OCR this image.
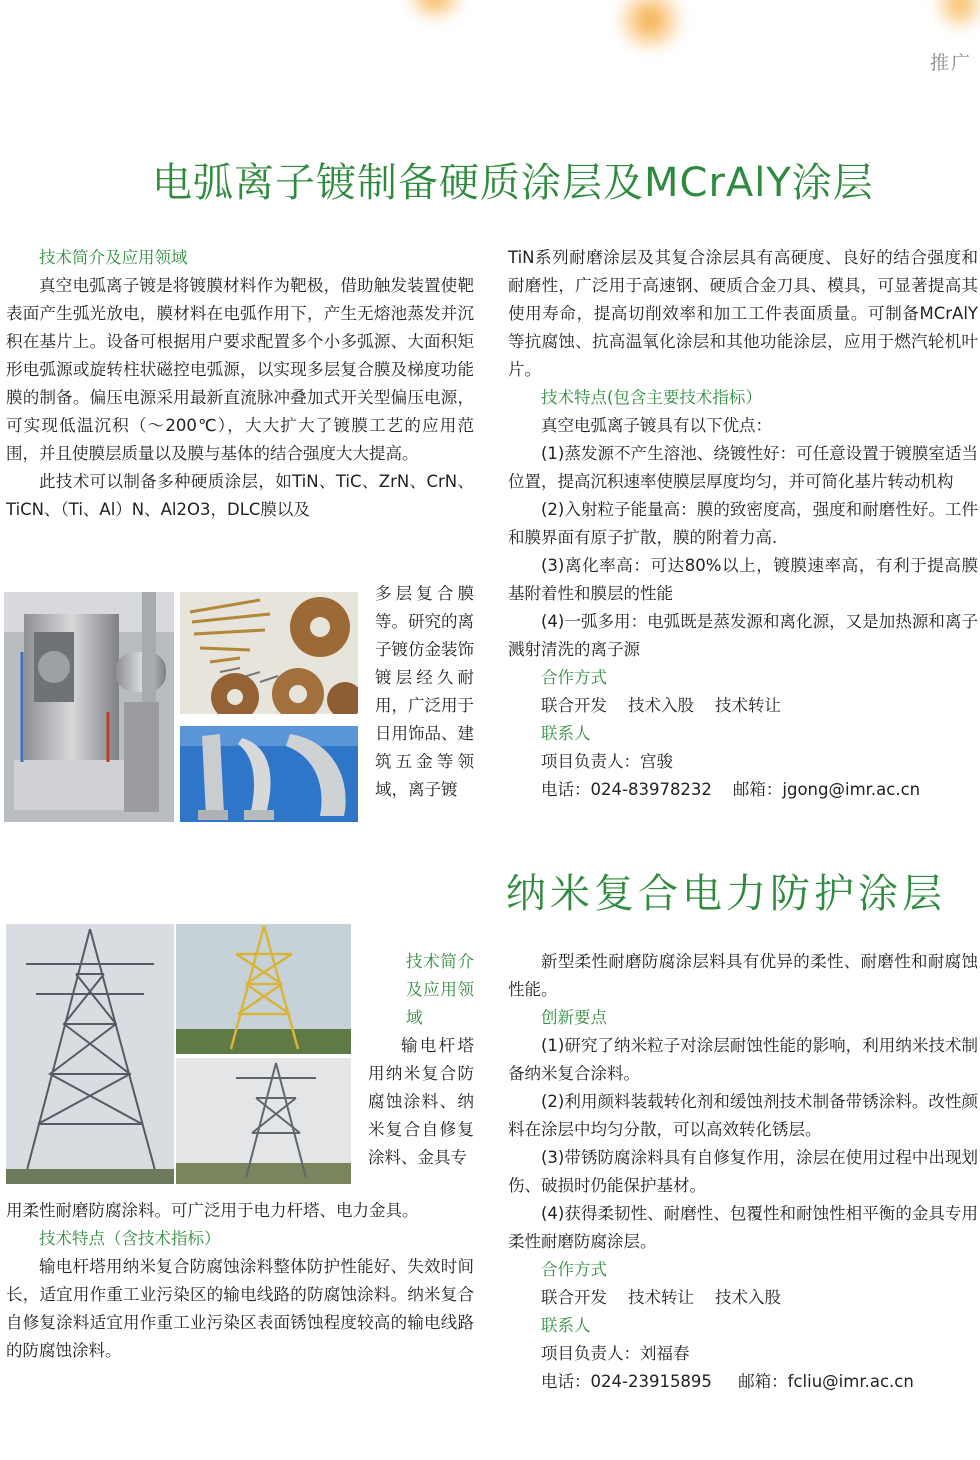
推广
电弧离子镀制备硬质涂层及MCrAlY涂层

技术简介及应用领域

真空电弧离子镀是将镀膜材料作为靶极，借助触发装置使靶表面产生弧光放电，膜材料在电弧作用下，产生无熔池蒸发并沉积在基片上。设备可根据用户要求配置多个小多弧源、大面积矩形电弧源或旋转柱状磁控电弧源，以实现多层复合膜及梯度功能膜的制备。偏压电源采用最新直流脉冲叠加式开关型偏压电源，可实现低温沉积（～200℃），大大扩大了镀膜工艺的应用范围，并且使膜层质量以及膜与基体的结合强度大大提高。

此技术可以制备多种硬质涂层，如TiN、TiC、ZrN、CrN、TiCN、（Ti、Al）N、Al2O3，DLC膜以及

多层复合膜等。研究的离子镀仿金装饰镀层经久耐用，广泛用于日用饰品、建筑五金等领域，离子镀

TiN系列耐磨涂层及其复合涂层具有高硬度、良好的结合强度和耐磨性，广泛用于高速钢、硬质合金刀具、模具，可显著提高其使用寿命，提高切削效率和加工工件表面质量。可制备MCrAlY等抗腐蚀、抗高温氧化涂层和其他功能涂层，应用于燃汽轮机叶片。

技术特点(包含主要技术指标）

真空电弧离子镀具有以下优点：

(1)蒸发源不产生溶池、绕镀性好：可任意设置于镀膜室适当位置，提高沉积速率使膜层厚度均匀，并可简化基片转动机构

(2)入射粒子能量高：膜的致密度高，强度和耐磨性好。工件和膜界面有原子扩散，膜的附着力高.

(3)离化率高：可达80%以上，镀膜速率高，有利于提高膜基附着性和膜层的性能

(4)一弧多用：电弧既是蒸发源和离化源，又是加热源和离子溅射清洗的离子源

合作方式

联合开发    技术入股    技术转让

联系人

项目负责人：宫骏

电话：024-83978232    邮箱：jgong@imr.ac.cn

纳米复合电力防护涂层

技术简介及应用领域

输电杆塔用纳米复合防腐蚀涂料、纳米复合自修复涂料、金具专

用柔性耐磨防腐涂料。可广泛用于电力杆塔、电力金具。

技术特点（含技术指标）

输电杆塔用纳米复合防腐蚀涂料整体防护性能好、失效时间长，适宜用作重工业污染区的输电线路的防腐蚀涂料。纳米复合自修复涂料适宜用作重工业污染区表面锈蚀程度较高的输电线路的防腐蚀涂料。

新型柔性耐磨防腐涂层料具有优异的柔性、耐磨性和耐腐蚀性能。

创新要点

(1)研究了纳米粒子对涂层耐蚀性能的影响，利用纳米技术制备纳米复合涂料。

(2)利用颜料装载转化剂和缓蚀剂技术制备带锈涂料。改性颜料在涂层中均匀分散，可以高效转化锈层。

(3)带锈防腐涂料具有自修复作用，涂层在使用过程中出现划伤、破损时仍能保护基材。

(4)获得柔韧性、耐磨性、包覆性和耐蚀性相平衡的金具专用柔性耐磨防腐涂层。

合作方式

联合开发    技术转让    技术入股

联系人

项目负责人：刘福春

电话：024-23915895     邮箱：fcliu@imr.ac.cn
